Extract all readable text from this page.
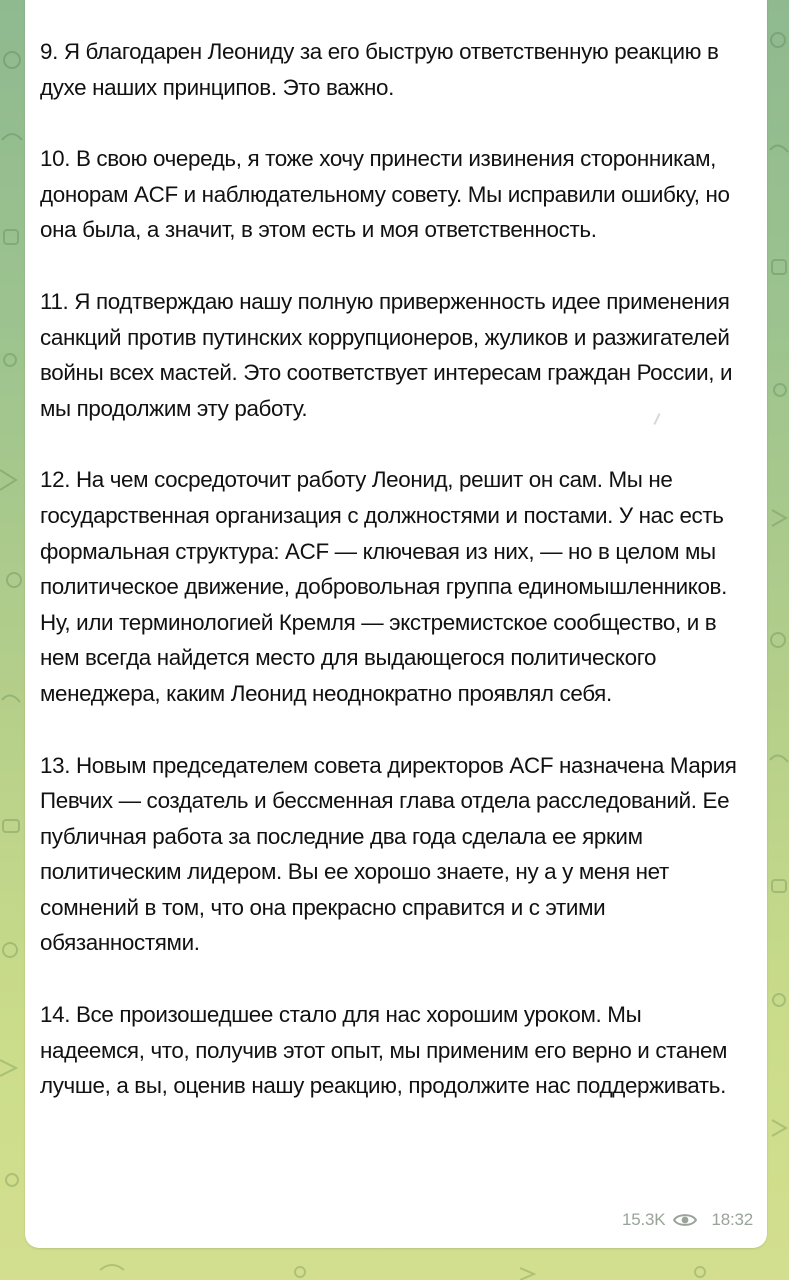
9. Я благодарен Леониду за его быструю ответственную реакцию в духе наших принципов. Это важно.

10. В свою очередь, я тоже хочу принести извинения сторонникам, донорам ACF и наблюдательному совету. Мы исправили ошибку, но она была, а значит, в этом есть и моя ответственность.

11. Я подтверждаю нашу полную приверженность идее применения санкций против путинских коррупционеров, жуликов и разжигателей войны всех мастей. Это соответствует интересам граждан России, и мы продолжим эту работу.

12. На чем сосредоточит работу Леонид, решит он сам. Мы не государственная организация с должностями и постами. У нас есть формальная структура: ACF — ключевая из них, — но в целом мы политическое движение, добровольная группа единомышленников. Ну, или терминологией Кремля — экстремистское сообщество, и в нем всегда найдется место для выдающегося политического менеджера, каким Леонид неоднократно проявлял себя.

13. Новым председателем совета директоров ACF назначена Мария Певчих — создатель и бессменная глава отдела расследований. Ее публичная работа за последние два года сделала ее ярким политическим лидером. Вы ее хорошо знаете, ну а у меня нет сомнений в том, что она прекрасно справится и с этими обязанностями.

14. Все произошедшее стало для нас хорошим уроком. Мы надеемся, что, получив этот опыт, мы применим его верно и станем лучше, а вы, оценив нашу реакцию, продолжите нас поддерживать.

15.3K	18:32
